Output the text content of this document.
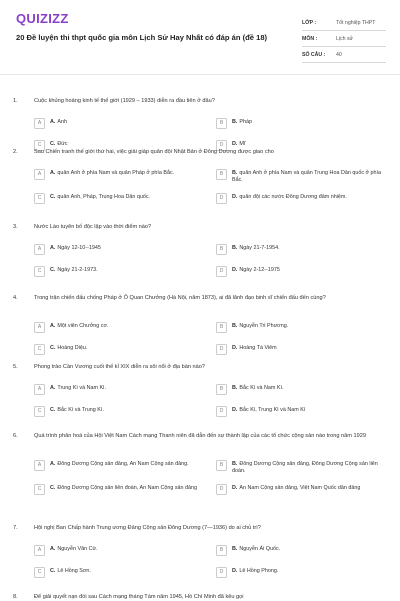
QUIZIZZ
20 Đề luyện thi thpt quốc gia môn Lịch Sử Hay Nhất có đáp án (đề 18)
LỚP :	Tốt nghiệp THPT
MÔN :	Lịch sử
SỐ CÂU :	40
1.	Cuộc khủng hoảng kinh tế thế giới (1929 – 1933) diễn ra đầu tiên ở đâu?
A	A. Anh	B	B. Pháp
C	C. Đức	D	D. Mĩ
2.	Sau Chiến tranh thế giới thứ hai, việc giải giáp quân đội Nhật Bản ở Đông Dương được giao cho
A	A. quân Anh ở phía Nam và quân Pháp ở phía Bắc.	B	B. quân Anh ở phía Nam và quân Trung Hoa Dân quốc ở phía Bắc.
C	C. quân Anh, Pháp, Trung Hoa Dân quốc.	D	D. quân đội các nước Đông Dương đảm nhiệm.
3.	Nước Lào tuyên bố độc lập vào thời điểm nào?
A	A. Ngày 12-10--1945	B	B. Ngày 21-7-1954.
C	C. Ngày 21-2-1973.	D	D. Ngày 2-12--1975
4.	Trong trận chiến đấu chống Pháp ở Ô Quan Chưởng (Hà Nội, năm 1873), ai đã lãnh đạo binh sĩ chiến đấu đến cùng?
A	A. Một viên Chưởng cơ.	B	B. Nguyễn Tri Phương.
C	C. Hoàng Diệu.	D	D. Hoàng Tá Viêm
5.	Phong trào Cần Vương cuối thế kỉ XIX diễn ra sôi nổi ở địa bàn nào?
A	A. Trung Kì và Nam Kì.	B	B. Bắc Kì và Nam Kì.
C	C. Bắc Kì và Trung Kì.	D	D. Bắc Kì, Trung Kì và Nam Kì
6.	Quá trình phân hoá của Hội Việt Nam Cách mạng Thanh niên đã dẫn đến sự thành lập của các tổ chức cộng sản nào trong năm 1929
A	A. Đông Dương Cộng sản đảng, An Nam Cộng sản đảng.	B	B. Đông Dương Cộng sản đảng, Đông Dương Cộng sản liên đoàn.
C	C. Đông Dương Cộng sản liên đoàn, An Nam Cộng sản đảng	D	D. An Nam Cộng sản đảng, Việt Nam Quốc dân đảng
7.	Hội nghị Ban Chấp hành Trung ương Đảng Cộng sản Đông Dương (7—1936) do ai chủ trì?
A	A. Nguyễn Văn Cừ.	B	B. Nguyễn Ái Quốc.
C	C. Lê Hồng Sơn.	D	D. Lê Hồng Phong.
8.	Để giải quyết nạn đói sau Cách mạng tháng Tám năm 1945, Hồ Chí Minh đã kêu gọi
